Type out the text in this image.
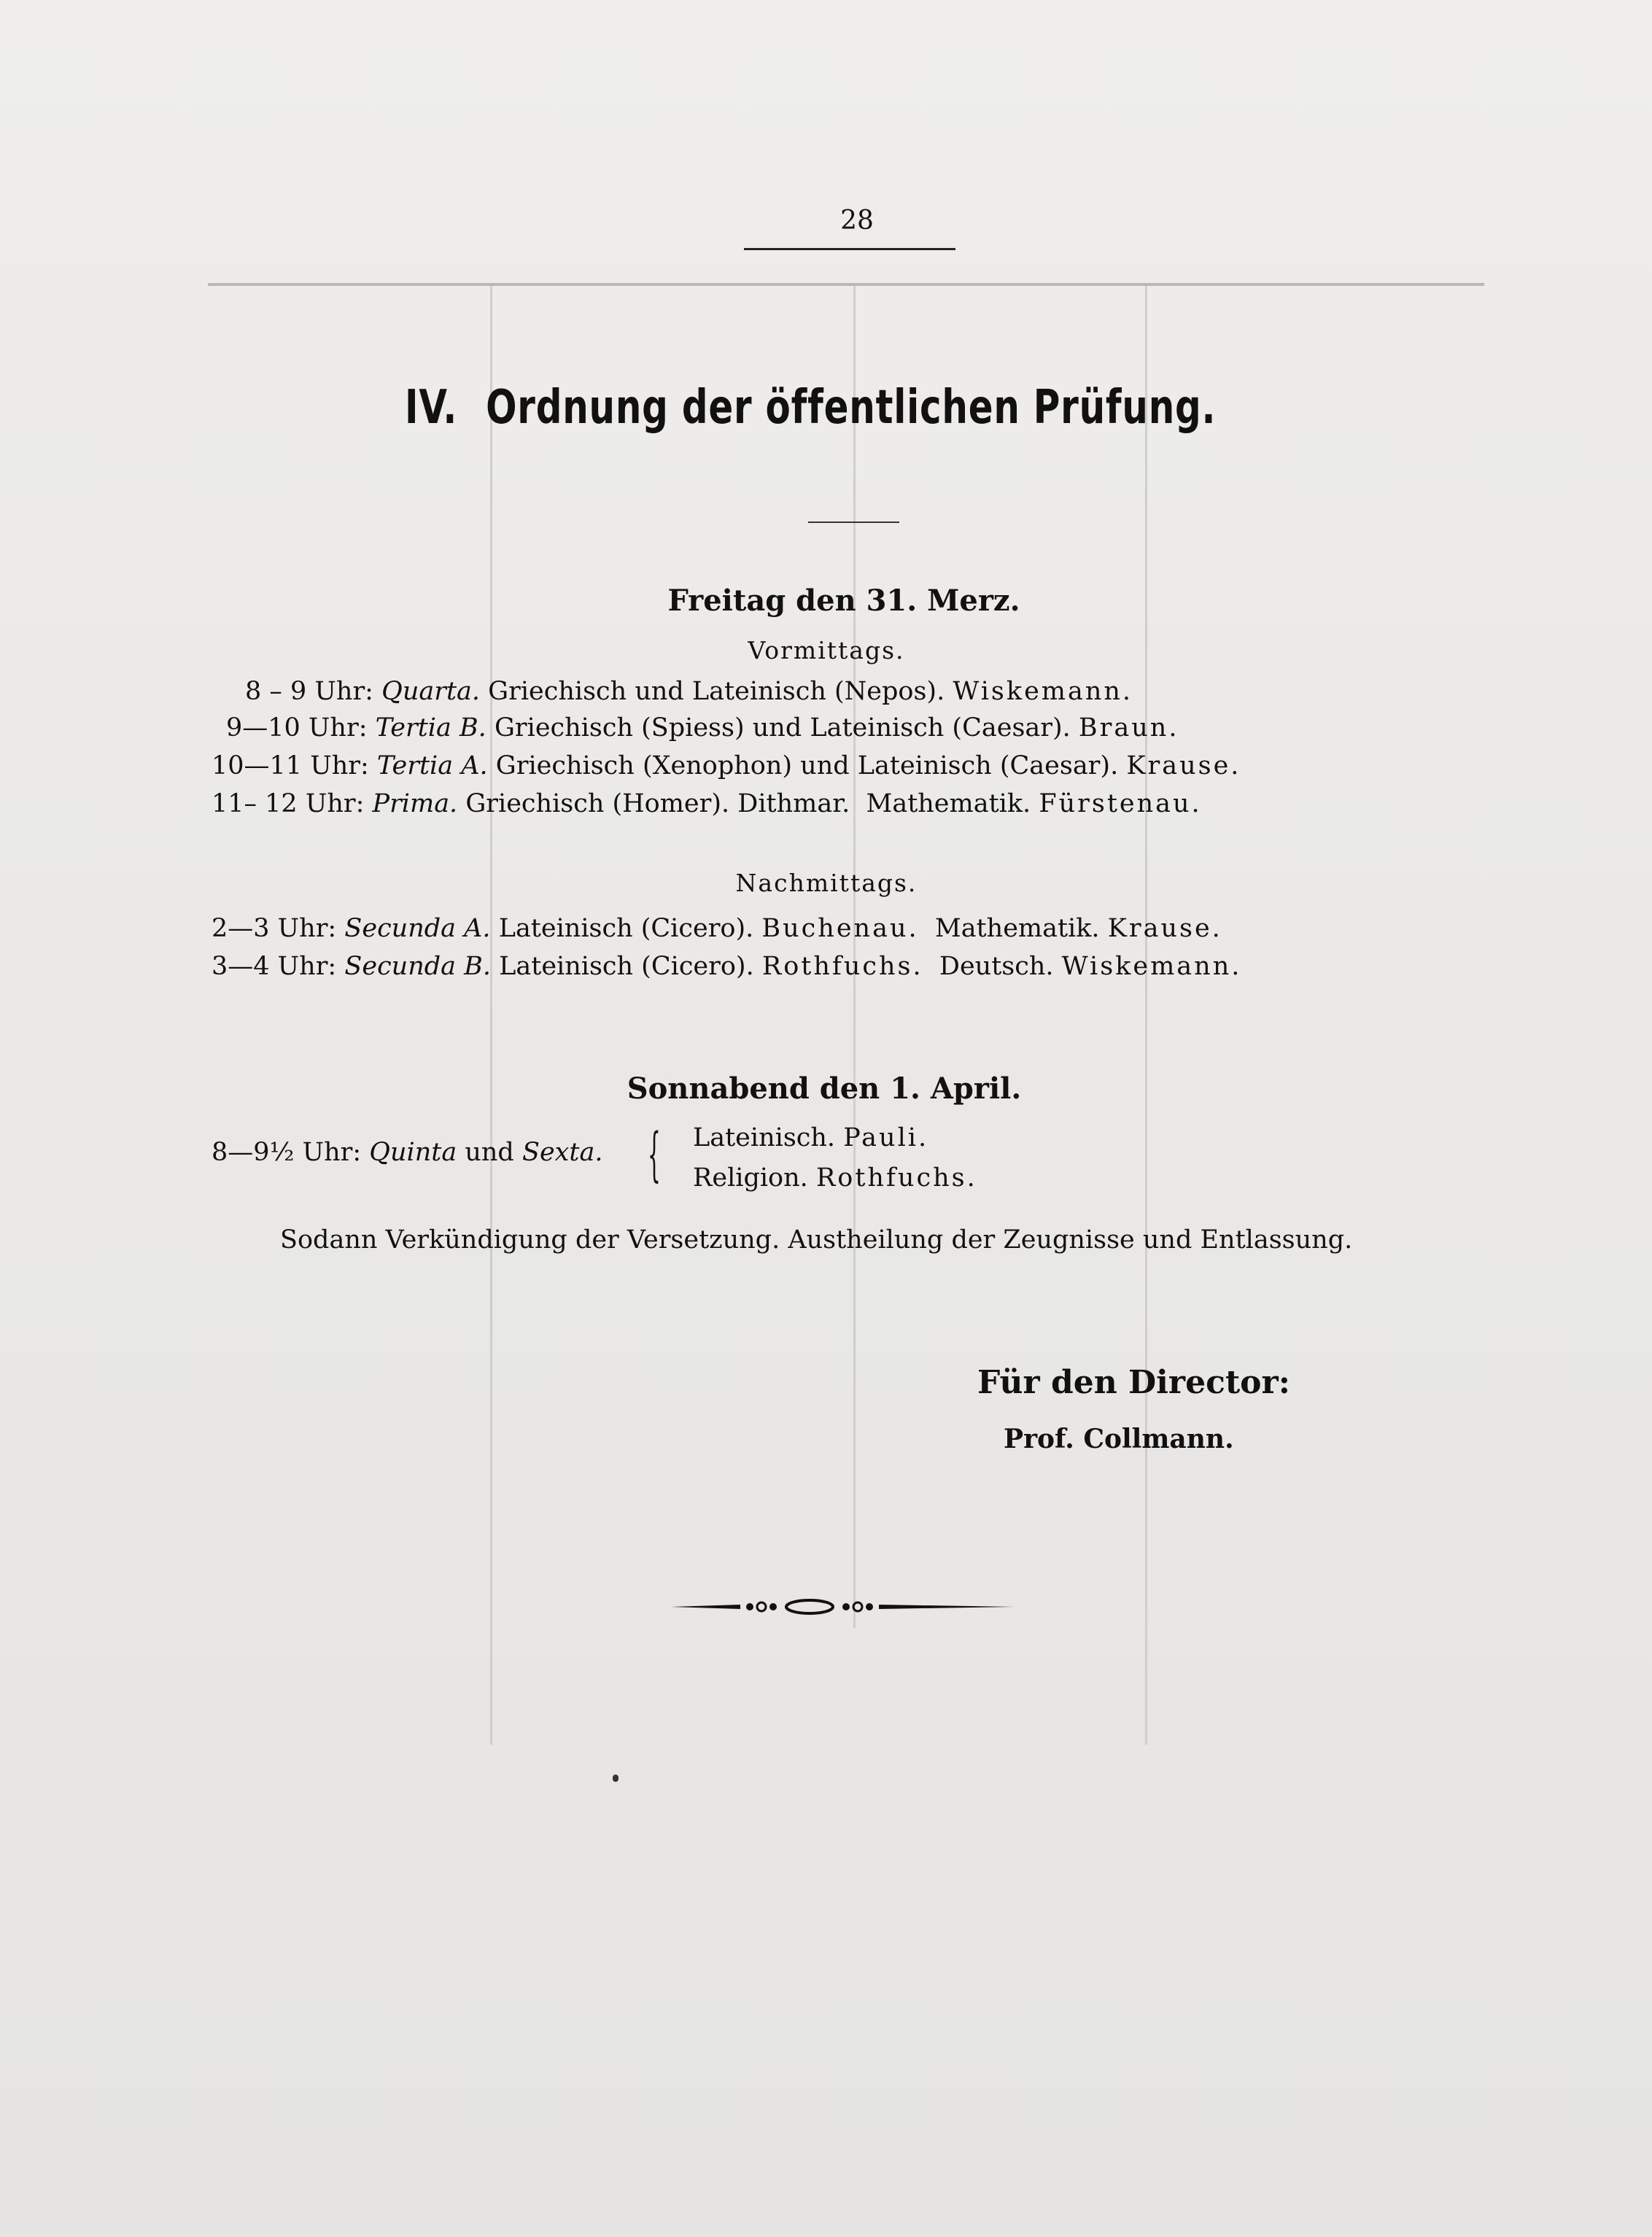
28
IV. Ordnung der öffentlichen Prüfung.
Freitag den 31. Merz.
Vormittags.
8 – 9 Uhr: Quarta. Griechisch und Lateinisch (Nepos). Wiskemann.
9—10 Uhr: Tertia B. Griechisch (Spiess) und Lateinisch (Caesar). Braun.
10—11 Uhr: Tertia A. Griechisch (Xenophon) und Lateinisch (Caesar). Krause.
11– 12 Uhr: Prima. Griechisch (Homer). Dithmar. Mathematik. Fürstenau.
Nachmittags.
2—3 Uhr: Secunda A. Lateinisch (Cicero). Buchenau. Mathematik. Krause.
3—4 Uhr: Secunda B. Lateinisch (Cicero). Rothfuchs. Deutsch. Wiskemann.
Sonnabend den 1. April.
8—9½ Uhr: Quinta und Sexta. { Lateinisch. Pauli.
Religion. Rothfuchs.
Sodann Verkündigung der Versetzung. Austheilung der Zeugnisse und Entlassung.
Für den Director:
Prof. Collmann.
